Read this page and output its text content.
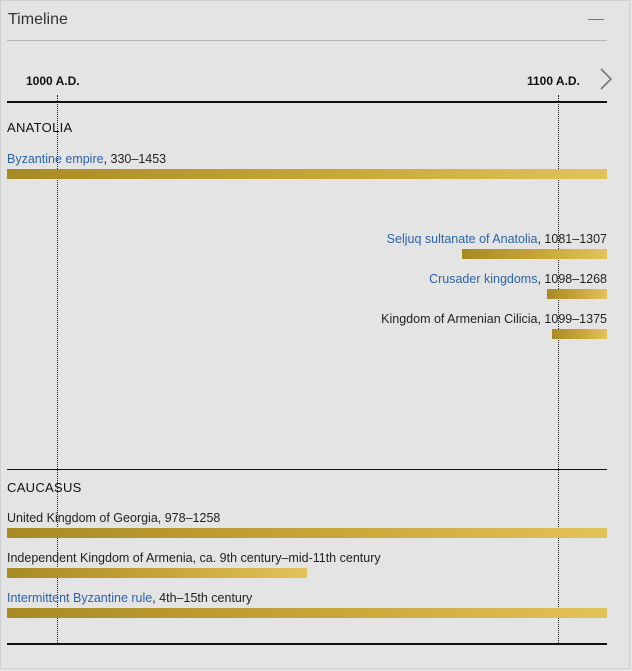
Timeline
1000 A.D.	1100 A.D.
ANATOLIA
Byzantine empire, 330–1453
Seljuq sultanate of Anatolia, 1081–1307
Crusader kingdoms, 1098–1268
Kingdom of Armenian Cilicia, 1099–1375
CAUCASUS
United Kingdom of Georgia, 978–1258
Independent Kingdom of Armenia, ca. 9th century–mid-11th century
Intermittent Byzantine rule, 4th–15th century
